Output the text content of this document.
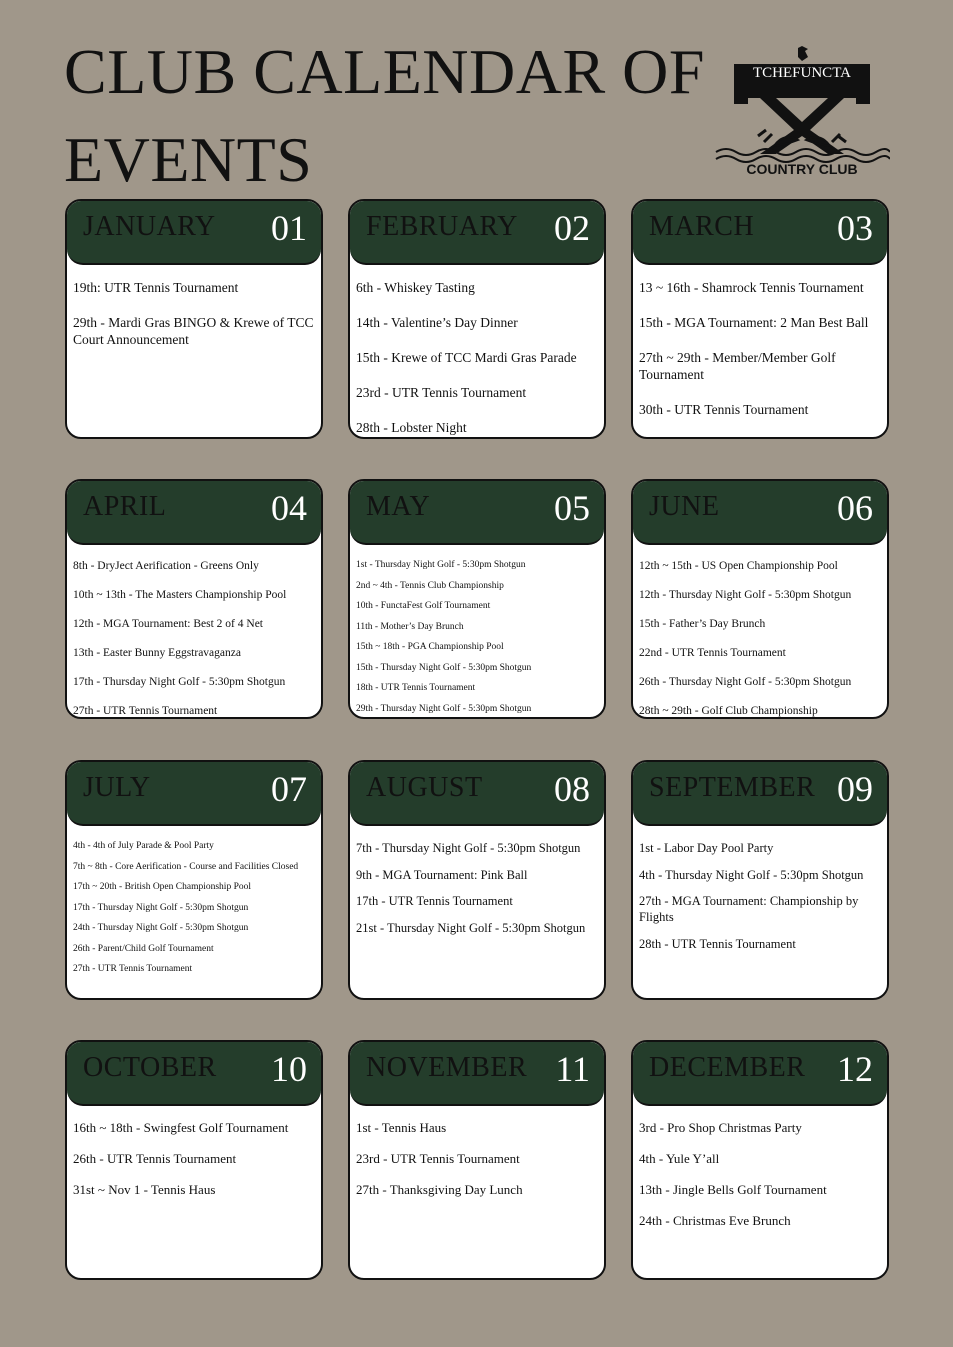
CLUB CALENDAR OF EVENTS
TCHEFUNCTA
COUNTRY CLUB
JANUARY 01
19th: UTR Tennis Tournament
29th - Mardi Gras BINGO & Krewe of TCC Court Announcement
FEBRUARY 02
6th - Whiskey Tasting
14th - Valentine’s Day Dinner
15th - Krewe of TCC Mardi Gras Parade
23rd - UTR Tennis Tournament
28th - Lobster Night
MARCH 03
13 ~ 16th - Shamrock Tennis Tournament
15th - MGA Tournament: 2 Man Best Ball
27th ~ 29th - Member/Member Golf Tournament
30th - UTR Tennis Tournament
APRIL	04
8th - DryJect Aerification - Greens Only
10th ~ 13th - The Masters Championship Pool
12th - MGA Tournament: Best 2 of 4 Net
13th - Easter Bunny Eggstravaganza
17th - Thursday Night Golf - 5:30pm Shotgun
27th - UTR Tennis Tournament
MAY	05
1st - Thursday Night Golf - 5:30pm Shotgun
2nd ~ 4th - Tennis Club Championship
10th - FunctaFest Golf Tournament
11th - Mother’s Day Brunch
15th ~ 18th - PGA Championship Pool
15th - Thursday Night Golf - 5:30pm Shotgun
18th - UTR Tennis Tournament
29th - Thursday Night Golf - 5:30pm Shotgun
JUNE	06
12th ~ 15th - US Open Championship Pool
12th - Thursday Night Golf - 5:30pm Shotgun
15th - Father’s Day Brunch
22nd - UTR Tennis Tournament
26th - Thursday Night Golf - 5:30pm Shotgun
28th ~ 29th - Golf Club Championship
JULY	07
4th - 4th of July Parade & Pool Party
7th ~ 8th - Core Aerification - Course and Facilities Closed
17th ~ 20th - British Open Championship Pool
17th - Thursday Night Golf - 5:30pm Shotgun
24th - Thursday Night Golf - 5:30pm Shotgun
26th - Parent/Child Golf Tournament
27th - UTR Tennis Tournament
AUGUST 08
7th - Thursday Night Golf - 5:30pm Shotgun
9th - MGA Tournament: Pink Ball
17th - UTR Tennis Tournament
21st - Thursday Night Golf - 5:30pm Shotgun
SEPTEMBER 09
1st - Labor Day Pool Party
4th - Thursday Night Golf - 5:30pm Shotgun
27th - MGA Tournament: Championship by Flights
28th - UTR Tennis Tournament
OCTOBER 10
16th ~ 18th - Swingfest Golf Tournament
26th - UTR Tennis Tournament
31st ~ Nov 1 - Tennis Haus
NOVEMBER 11
1st - Tennis Haus
23rd - UTR Tennis Tournament
27th - Thanksgiving Day Lunch
DECEMBER 12
3rd - Pro Shop Christmas Party
4th - Yule Y’all
13th - Jingle Bells Golf Tournament
24th - Christmas Eve Brunch
